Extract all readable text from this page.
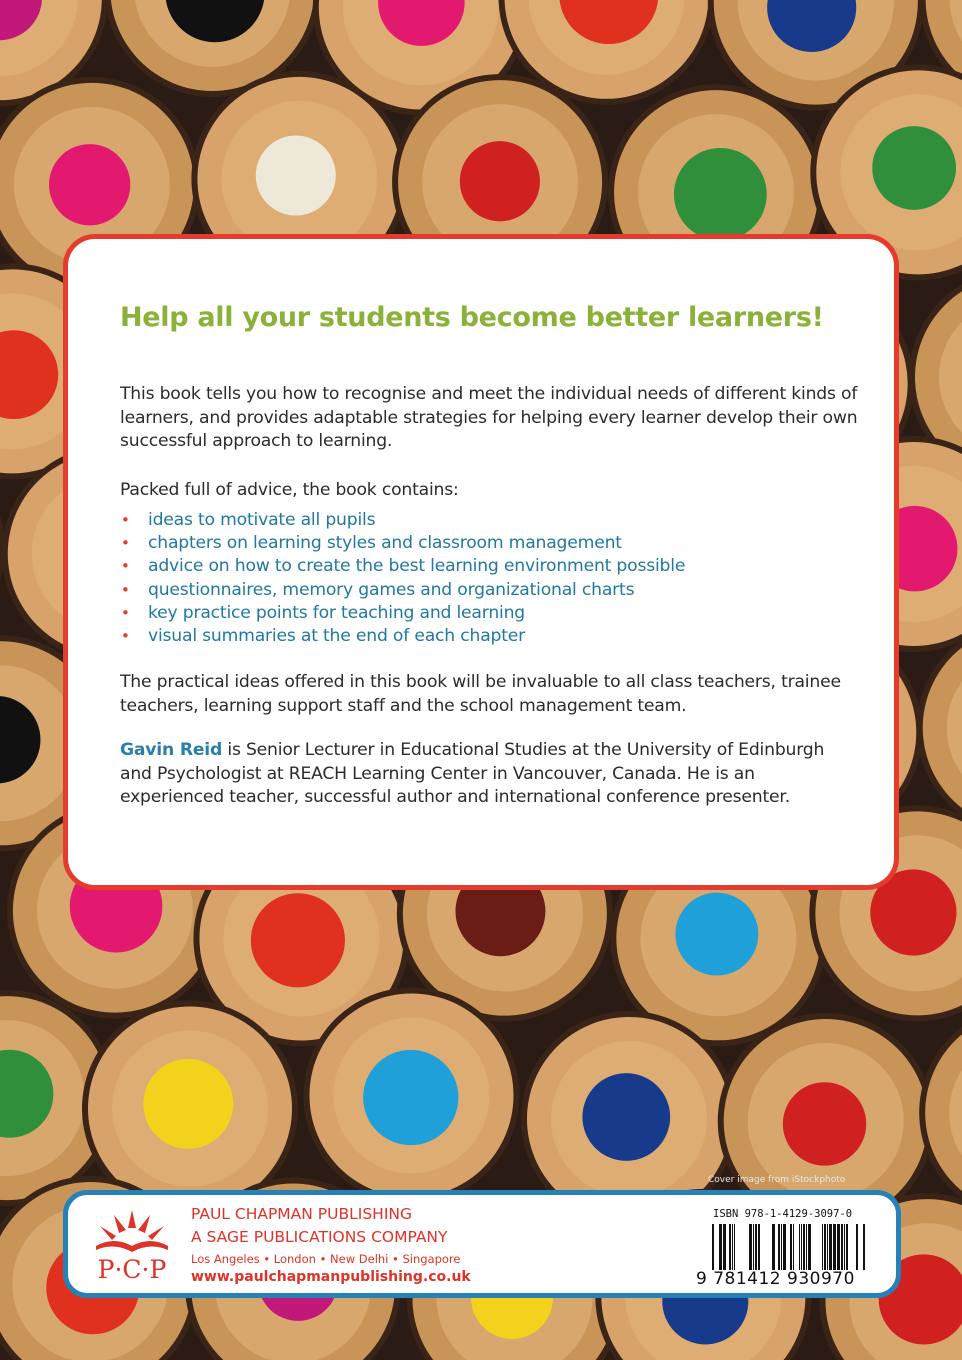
Help all your students become better learners!

This book tells you how to recognise and meet the individual needs of different kinds of learners, and provides adaptable strategies for helping every learner develop their own successful approach to learning.

Packed full of advice, the book contains:

• ideas to motivate all pupils
• chapters on learning styles and classroom management
• advice on how to create the best learning environment possible
• questionnaires, memory games and organizational charts
• key practice points for teaching and learning
• visual summaries at the end of each chapter

The practical ideas offered in this book will be invaluable to all class teachers, trainee teachers, learning support staff and the school management team.

Gavin Reid is Senior Lecturer in Educational Studies at the University of Edinburgh and Psychologist at REACH Learning Center in Vancouver, Canada. He is an experienced teacher, successful author and international conference presenter.

Cover image from iStockphoto
P·C·P
PAUL CHAPMAN PUBLISHING
A SAGE PUBLICATIONS COMPANY
Los Angeles • London • New Delhi • Singapore
www.paulchapmanpublishing.co.uk
ISBN 978-1-4129-3097-0
9 781412 930970
